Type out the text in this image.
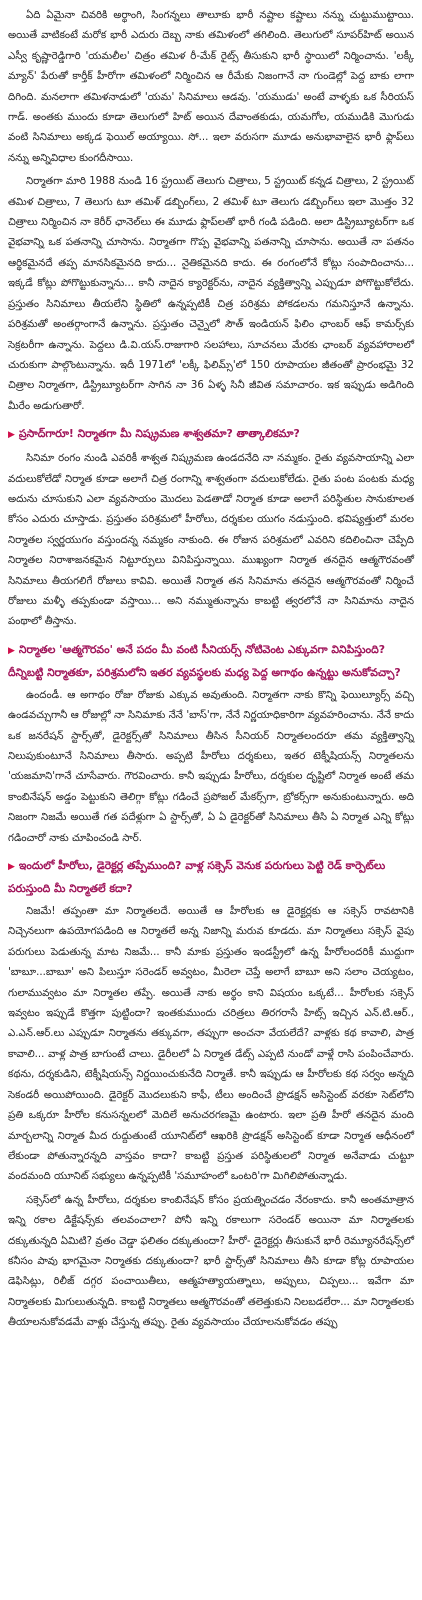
ఏది ఏమైనా చివరికి అర్థాంగి, సింగన్నలు తాలూకు భారీ నష్టాల కష్టాలు నన్ను చుట్టుముట్టాయి. అయితే వాటికంటే మరోక భారీ ఎదురు దెబ్బ నాకు తమిళంలో తగిలింది. తెలుగులో సూపర్‌హిట్ అయిన ఎస్వీ కృష్ణారెడ్డిగారి 'యమలీల' చిత్రం తమిళ రీ-మేక్ రైట్స్ తీసుకుని భారీ స్థాయిలో నిర్మించాను. 'లక్కీ మ్యాన్' పేరుతో కార్తీక్ హీరోగా తమిళంలో నిర్మించిన ఆ రీమేకు నిజంగానే నా గుండెల్లో పెద్ద బాకు లాగా దిగింది. మనలాగా తమిళనాడులో 'యమ' సినిమాలు ఆడవు. 'యముడు' అంటే వాళ్ళకు ఒక సీరియస్ గాడ్. అంతకు ముందు కూడా తెలుగులో హిట్ అయిన దేవాంతకుడు, యమగోల, యముడికి మొగుడు వంటి సినిమాలు అక్కడ ఫెయిల్ అయ్యాయి. సో... ఇలా వరుసగా మూడు అనుభావాలైన భారీ ఫ్లాప్‌లు నన్ను అన్నివిధాల కుంగదీసాయి.

నిర్మాతగా మారి 1988 నుండి 16 స్ట్రయిట్ తెలుగు చిత్రాలు, 5 స్ట్రయిట్ కన్నడ చిత్రాలు, 2 స్ట్రయిట్ తమిళ చిత్రాలు, 7 తెలుగు టూ తమిళ్ డబ్బింగ్‌లు, 2 తమిళ్ టూ తెలుగు డబ్బింగ్‌లు ఇలా మొత్తం 32 చిత్రాలు నిర్మించిన నా కెరీర్ ఛానెల్‌లు ఈ మూడు ఫ్లాప్‌లతో భారీ గండి పడింది. అలా డిస్ట్రిబ్యూటర్‌గా ఒక వైభవాన్ని ఒక పతనాన్ని చూసాను. నిర్మాతగా గొప్ప వైభవాన్ని పతనాన్ని చూసాను. అయితే నా పతనం ఆర్థికమైనదే తప్ప మానసికమైనది కాదు... నైతికమైనది కాదు. ఈ రంగంలోనే కోట్లు సంపాదించాను... ఇక్కడే కోట్లు పోగొట్టుకున్నాను... కానీ నాదైన క్యారెక్టర్‌ను, నాదైన వ్యక్తిత్వాన్ని ఎప్పుడూ పోగొట్టుకోలేదు. ప్రస్తుతం సినిమాలు తీయలేని స్థితిలో ఉన్నప్పటికీ చిత్ర పరిశ్రమ పోకడలను గమనిస్తూనే ఉన్నాను. పరిశ్రమతో అంతర్గాంగానే ఉన్నాను. ప్రస్తుతం చెన్నైలో సౌత్ ఇండియన్ ఫిలిం ఛాంబర్ ఆఫ్ కామర్స్‌కు సెక్రటరీగా ఉన్నాను. పెద్దలు డి.వి.యస్.రాజుగారి సలహాలు, సూచనలు మేరకు ఛాంబర్ వ్యవహారాలలో చురుకుగా పాల్గొంటున్నాను. ఇదీ 1971లో 'లక్కీ ఫిలిమ్స్'లో 150 రూపాయల జీతంతో ప్రారంభమై 32 చిత్రాల నిర్మాతగా, డిస్ట్రిబ్యూటర్‌గా సాగిన నా 36 ఏళ్ళ సినీ జీవిత సమాచారం. ఇక ఇప్పుడు అడిగింది మీరేం అడుగుతారో.

▶ ప్రసాద్‌గారూ! నిర్మాతగా మీ నిష్క్రమణ శాశ్వతమా? తాత్కాలికమా?

సినిమా రంగం నుండి ఎవరికీ శాశ్వత నిష్క్రమణ ఉండదనేది నా నమ్మకం. రైతు వ్యవసాయాన్ని ఎలా వదులుకోలేడో నిర్మాత కూడా అలాగే చిత్ర రంగాన్ని శాశ్వతంగా వదులుకోలేడు. రైతు పంట పంటకు మధ్య అదును చూసుకుని ఎలా వ్యవసాయం మొదలు పెడతాడో నిర్మాత కూడా అలాగే పరిస్థితుల సానుకూలత కోసం ఎదురు చూస్తాడు. ప్రస్తుతం పరిశ్రమలో హీరోలు, దర్శకుల యుగం నడుస్తుంది. భవిష్యత్తులో మరల నిర్మాతల స్వర్ణయుగం వస్తుందన్న నమ్మకం నాకుంది. ఈ రోజున పరిశ్రమలో ఎవరిని కదిలించినా చెప్పేది నిర్మాతల నిరాశాజనకమైన నిట్టూర్పులు వినిపిస్తున్నాయి. ముఖ్యంగా నిర్మాత తనదైన ఆత్మగౌరవంతో సినిమాలు తీయగలిగే రోజులు కావివి. అయితే నిర్మాత తన సినిమాను తనదైన ఆత్మగౌరవంతో నిర్మించే రోజులు మళ్ళీ తప్పకుండా వస్తాయి... అని నమ్ముతున్నాను కాబట్టి త్వరలోనే నా సినిమాను నాదైన పంథాలో తీస్తాను.

▶ నిర్మాతల 'ఆత్మగౌరవం' అనే పదం మీ వంటి సీనియర్స్ నోటివెంట ఎక్కువగా వినిపిస్తుంది? దీన్నిబట్టి నిర్మాతకూ, పరిశ్రమలోని ఇతర వ్యవస్థలకు మధ్య పెద్ద అగాథం ఉన్నట్టు అనుకోవచ్చా?

ఉందండీ. ఆ అగాథం రోజు రోజుకు ఎక్కువ అవుతుంది. నిర్మాతగా నాకు కొన్ని ఫెయిల్యూర్స్ వచ్చి ఉండవచ్చుగానీ ఆ రోజుల్లో నా సినిమాకు నేనే 'బాస్'గా, నేనే నిర్ణయాధికారిగా వ్యవహరించాను. నేనే కాదు ఒక జనరేషన్ స్టార్స్‌తో, డైరెక్టర్స్‌తో సినిమాలు తీసిన సీనియర్ నిర్మాతలందరూ తమ వ్యక్తిత్వాన్ని నిలుపుకుంటూనే సినిమాలు తీసారు. అప్పటి హీరోలు దర్శకులు, ఇతర టెక్నీషియన్స్ నిర్మాతలను 'యజమాని'గానే చూసేవారు. గౌరవించారు. కానీ ఇప్పుడు హీరోలు, దర్శకుల దృష్టిలో నిర్మాత అంటే తమ కాంబినేషన్ అడ్డం పెట్టుకుని తెలిగ్గా కోట్లు గడించే ప్రపోజల్ మేకర్స్‌గా, బ్రోకర్స్‌గా అనుకుంటున్నారు. అది నిజంగా నిజమే అయితే గత పదేళ్లుగా ఏ స్టార్స్‌తో, ఏ ఏ డైరెక్టర్‌తో సినిమాలు తీసి ఏ నిర్మాత ఎన్ని కోట్లు గడించారో నాకు చూపించండి సార్.

▶ ఇందులో హీరోలు, డైరెక్టర్ల తప్పేముంది? వాళ్ల సక్సెస్ వెనుక పరుగులు పెట్టి రెడ్ కార్పెట్‌లు పరుస్తుంది మీ నిర్మాతలే కదా?

నిజమే! తప్పంతా మా నిర్మాతలదే. అయితే ఆ హీరోలకు ఆ డైరెక్టర్లకు ఆ సక్సెస్ రావటానికి నిచ్చెనలుగా ఉపయోగపడింది ఆ నిర్మాతలే అన్న నిజాన్ని మరువ కూడదు. మా నిర్మాతలు సక్సెస్ వైపు పరుగులు పెడుతున్న మాట నిజమే... కానీ మాకు ప్రస్తుతం ఇండస్ట్రీలో ఉన్న హీరోలందరికీ ముద్దుగా 'బాబూ...బాబూ' అని పిలుస్తూ సరెండర్ అవ్వటం, మీరెలా చెప్తే అలాగే బాబూ అని సలాం చెయ్యటం, గులామువ్వటం మా నిర్మాతల తప్పే. అయితే నాకు అర్థం కాని విషయం ఒక్కటే... హీరోలకు సక్సెస్ ఇవ్వటం ఇప్పుడే కొత్తగా పుట్టిందా? ఇంతకుముందు చరిత్రలు తిరగరాసే హిట్స్ ఇచ్చిన ఎన్.టి.ఆర్., ఎ.ఎన్.ఆర్.లు ఎప్పుడూ నిర్మాతను తక్కువగా, తప్పుగా అంచనా వేయలేదే? వాళ్లకు కథ కావాలి, పాత్ర కావాలి... వాళ్ల పాత్ర బాగుంటే చాలు. డైరీలలో ఏ నిర్మాత డేట్స్ ఎప్పటి నుండో వాళ్లే రాసి పంపించేవారు. కథను, దర్శకుడిని, టెక్నీషియన్స్ నిర్ణయించుకునేది నిర్మాతే. కానీ ఇప్పుడు ఆ హీరోలకు కథ సర్వం అన్నది సెకండరీ అయిపోయింది. డైరెక్టర్ మొదలుకుని కాఫీ, టీలు అందించే ప్రొడక్షన్ అసిస్టెంట్ వరకూ సెట్‌లోని ప్రతి ఒక్కరూ హీరోల కనుసన్నలలో మెదిలే అనుచరగణమై ఉంటారు. ఇలా ప్రతి హీరో తనదైన మంది మార్బలాన్ని నిర్మాత మీద రుద్దుతుంటే యూనిట్‌లో ఆఖరికి ప్రొడక్షన్ అసిస్టెంట్ కూడా నిర్మాత ఆధీనంలో లేకుండా పోతున్నారన్నది వాస్తవం కాదా? కాబట్టి ప్రస్తుత పరిస్థితులలో నిర్మాత అనేవాడు చుట్టూ వందమంది యూనిట్ సభ్యులు ఉన్నప్పటికీ 'సమూహంలో ఒంటరి'గా మిగిలిపోతున్నాడు.

సక్సెస్‌లో ఉన్న హీరోలు, దర్శకుల కాంబినేషన్ కోసం ప్రయత్నించడం నేరంకాదు. కానీ అంతమాత్రాన ఇన్ని రకాల డిక్టేషన్స్‌కు తలవంచాలా? పోనీ ఇన్ని రకాలుగా సరెండర్ అయినా మా నిర్మాతలకు దక్కుతున్నది ఏమిటి? వ్రతం చెడ్డా ఫలితం దక్కుతుందా? హీరో- డైరెక్టర్లు తీసుకునే భారీ రెమ్యూనరేషన్స్‌లో కనీసం పావు భాగమైనా నిర్మాతకు దక్కుతుందా? భారీ స్టార్స్‌తో సినిమాలు తీసి కూడా కోట్ల రూపాయల డెఫిసిట్లు, రిలీజ్ దగ్గర పంచాయితీలు, ఆత్మహత్యాయత్నాలు, అప్పులు, చిప్పలు... ఇవేగా మా నిర్మాతలకు మిగులుతున్నది. కాబట్టి నిర్మాతలు ఆత్మగౌరవంతో తలెత్తుకుని నిలబడలేరా... మా నిర్మాతలకు తీయాలనుకోవడమే వాళ్లు చేస్తున్న తప్పు. రైతు వ్యవసాయం చేయాలనుకోవడం తప్పు
